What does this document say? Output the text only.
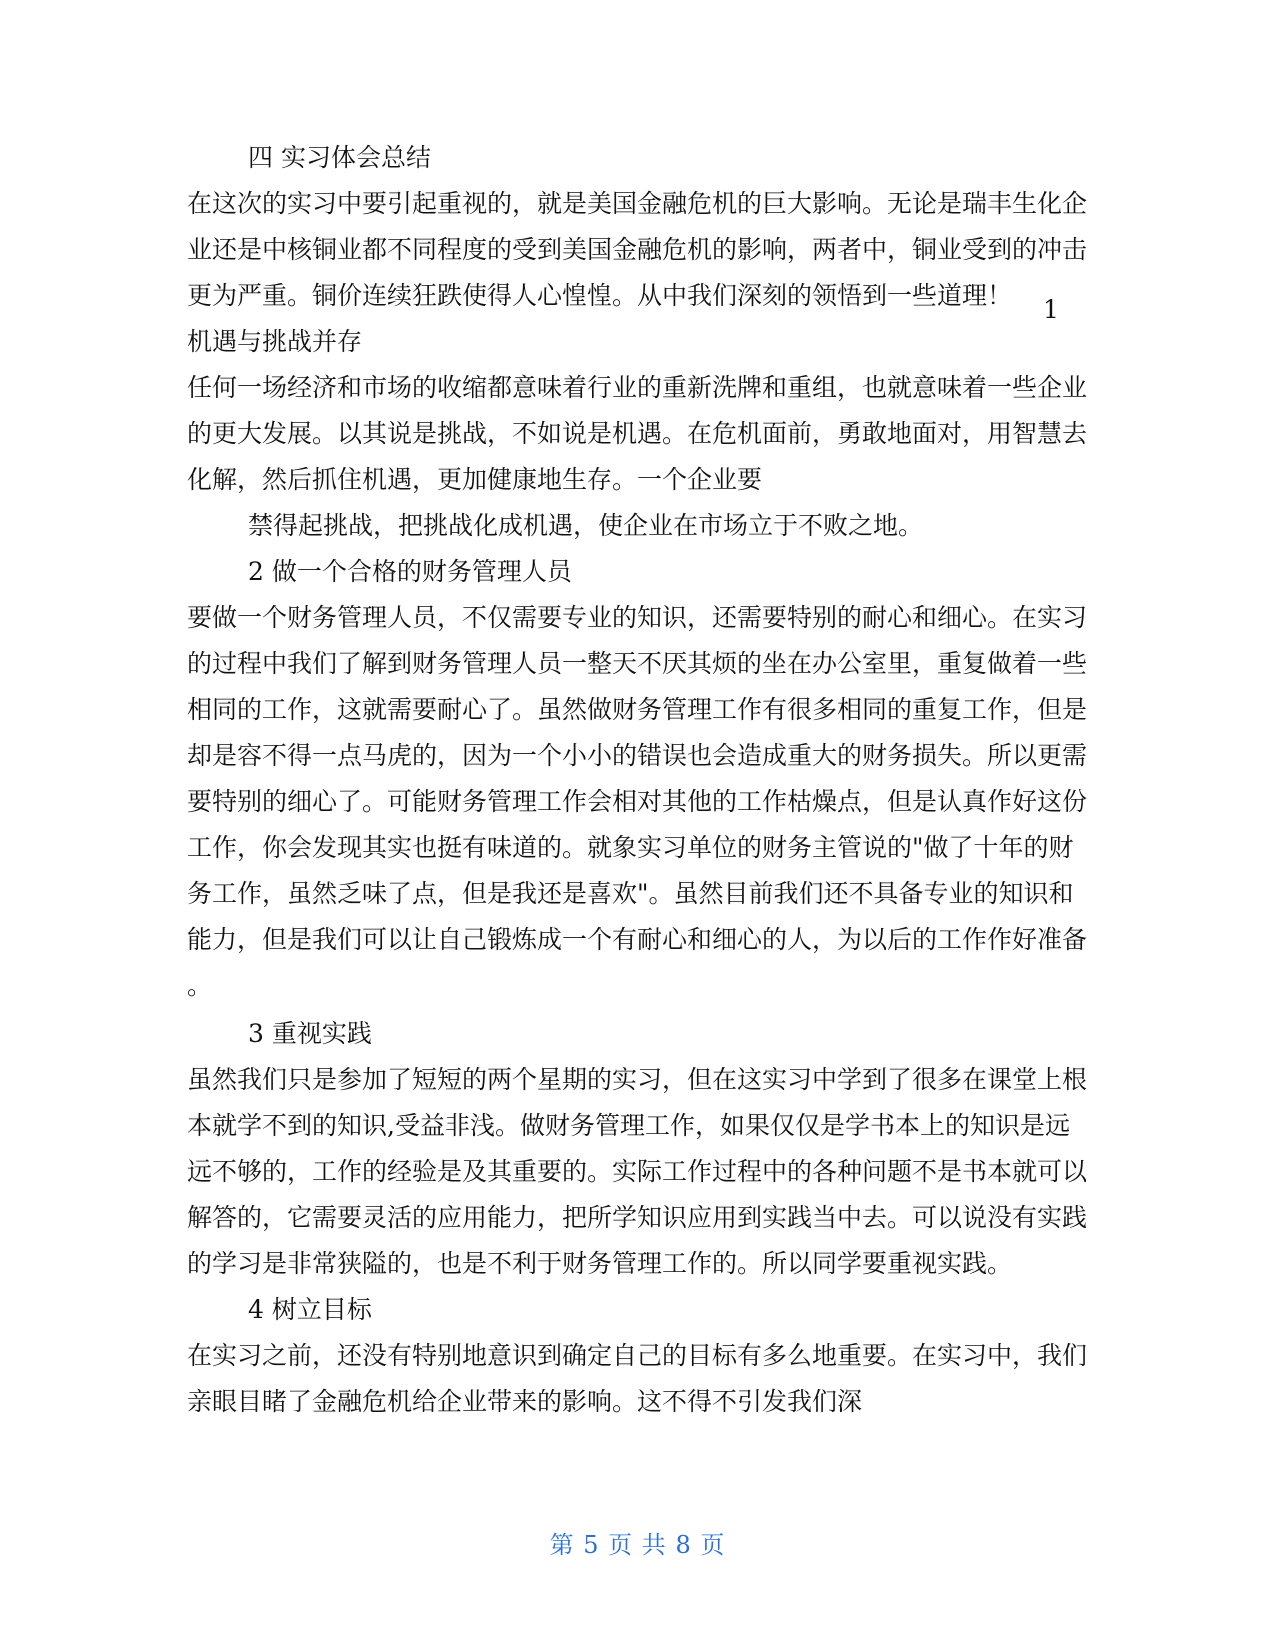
四 实习体会总结
在这次的实习中要引起重视的，就是美国金融危机的巨大影响。无论是瑞丰生化企
业还是中核铜业都不同程度的受到美国金融危机的影响，两者中，铜业受到的冲击
更为严重。铜价连续狂跌使得人心惶惶。从中我们深刻的领悟到一些道理！	1
机遇与挑战并存
任何一场经济和市场的收缩都意味着行业的重新洗牌和重组，也就意味着一些企业
的更大发展。以其说是挑战，不如说是机遇。在危机面前，勇敢地面对，用智慧去
化解，然后抓住机遇，更加健康地生存。一个企业要
禁得起挑战，把挑战化成机遇，使企业在市场立于不败之地。
2 做一个合格的财务管理人员
要做一个财务管理人员，不仅需要专业的知识，还需要特别的耐心和细心。在实习
的过程中我们了解到财务管理人员一整天不厌其烦的坐在办公室里，重复做着一些
相同的工作，这就需要耐心了。虽然做财务管理工作有很多相同的重复工作，但是
却是容不得一点马虎的，因为一个小小的错误也会造成重大的财务损失。所以更需
要特别的细心了。可能财务管理工作会相对其他的工作枯燥点，但是认真作好这份
工作，你会发现其实也挺有味道的。就象实习单位的财务主管说的"做了十年的财
务工作，虽然乏味了点，但是我还是喜欢"。虽然目前我们还不具备专业的知识和
能力，但是我们可以让自己锻炼成一个有耐心和细心的人，为以后的工作作好准备
。
3 重视实践
虽然我们只是参加了短短的两个星期的实习，但在这实习中学到了很多在课堂上根
本就学不到的知识,受益非浅。做财务管理工作，如果仅仅是学书本上的知识是远
远不够的，工作的经验是及其重要的。实际工作过程中的各种问题不是书本就可以
解答的，它需要灵活的应用能力，把所学知识应用到实践当中去。可以说没有实践
的学习是非常狭隘的，也是不利于财务管理工作的。所以同学要重视实践。
4 树立目标
在实习之前，还没有特别地意识到确定自己的目标有多么地重要。在实习中，我们
亲眼目睹了金融危机给企业带来的影响。这不得不引发我们深
第 5 页 共 8 页
